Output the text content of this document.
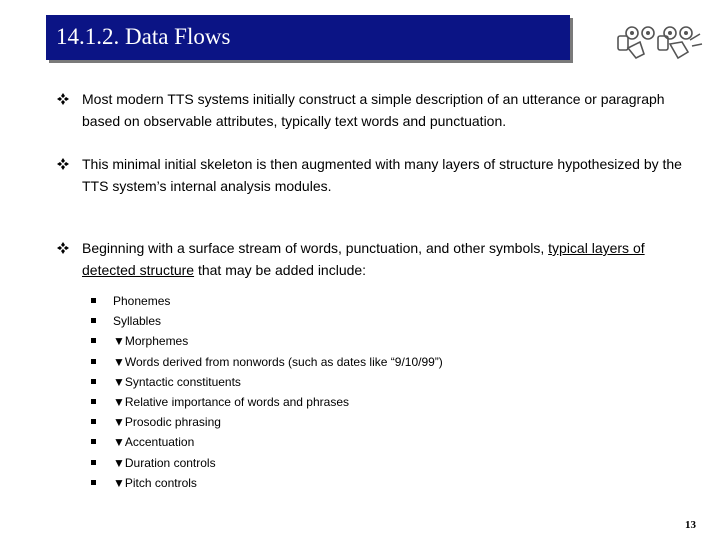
14.1.2. Data Flows
Most modern TTS systems initially construct a simple description of an utterance or paragraph based on observable attributes, typically text words and punctuation.
This minimal initial skeleton is then augmented with many layers of structure hypothesized by the TTS system’s internal analysis modules.
Beginning with a surface stream of words, punctuation, and other symbols, typical layers of detected structure that may be added include:
Phonemes
Syllables
▼Morphemes
▼Words derived from nonwords (such as dates like “9/10/99”)
▼Syntactic constituents
▼Relative importance of words and phrases
▼Prosodic phrasing
▼Accentuation
▼Duration controls
▼Pitch controls
13
